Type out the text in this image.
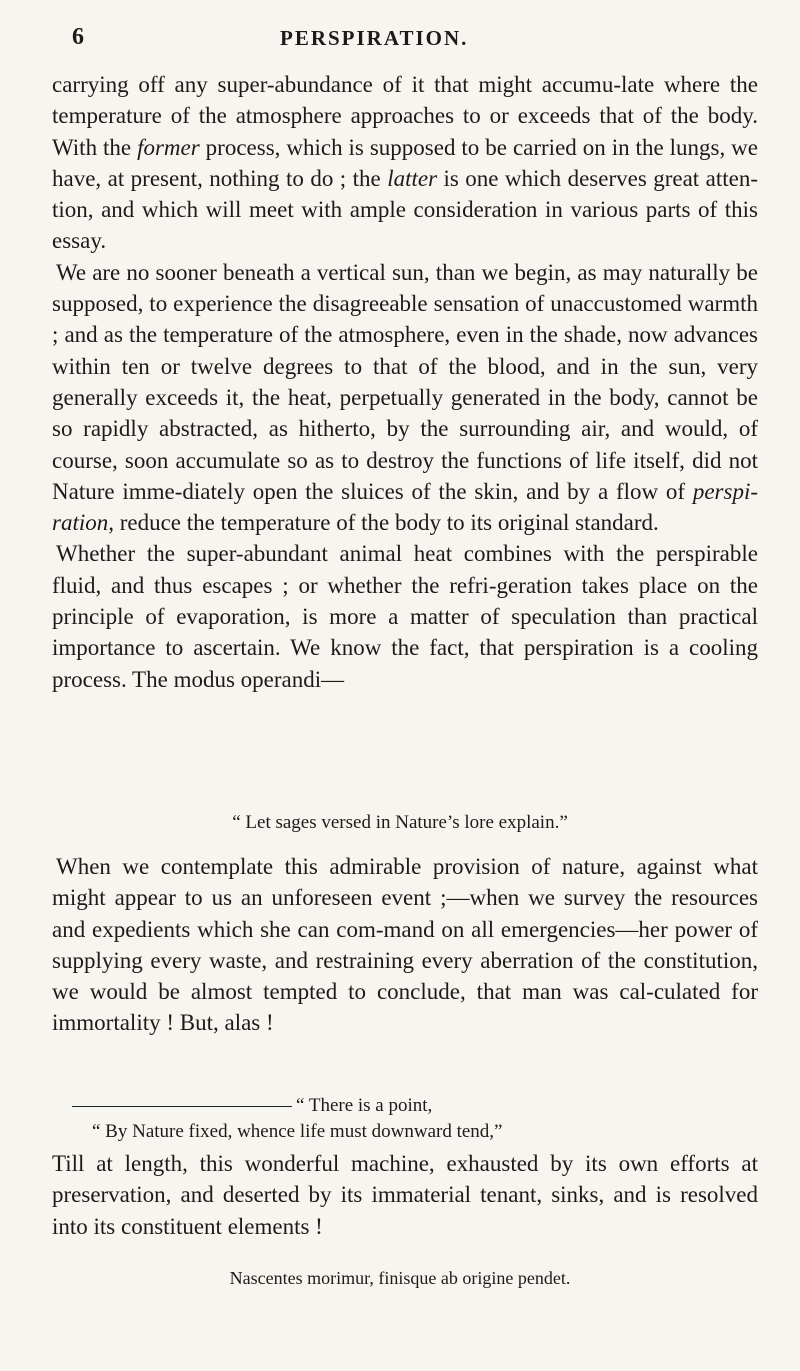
6	PERSPIRATION.

carrying off any super-abundance of it that might accumu-late where the temperature of the atmosphere approaches to or exceeds that of the body. With the former process, which is supposed to be carried on in the lungs, we have, at present, nothing to do ; the latter is one which deserves great atten-tion, and which will meet with ample consideration in various parts of this essay.

We are no sooner beneath a vertical sun, than we begin, as may naturally be supposed, to experience the disagreeable sensation of unaccustomed warmth ; and as the temperature of the atmosphere, even in the shade, now advances within ten or twelve degrees to that of the blood, and in the sun, very generally exceeds it, the heat, perpetually generated in the body, cannot be so rapidly abstracted, as hitherto, by the surrounding air, and would, of course, soon accumulate so as to destroy the functions of life itself, did not Nature imme-diately open the sluices of the skin, and by a flow of perspi-ration, reduce the temperature of the body to its original standard.

Whether the super-abundant animal heat combines with the perspirable fluid, and thus escapes ; or whether the refri-geration takes place on the principle of evaporation, is more a matter of speculation than practical importance to ascertain. We know the fact, that perspiration is a cooling process. The modus operandi—

“ Let sages versed in Nature’s lore explain.”

When we contemplate this admirable provision of nature, against what might appear to us an unforeseen event ;—when we survey the resources and expedients which she can com-mand on all emergencies—her power of supplying every waste, and restraining every aberration of the constitution, we would be almost tempted to conclude, that man was cal-culated for immortality ! But, alas !

“ There is a point,
“ By Nature fixed, whence life must downward tend,”

Till at length, this wonderful machine, exhausted by its own efforts at preservation, and deserted by its immaterial tenant, sinks, and is resolved into its constituent elements !

Nascentes morimur, finisque ab origine pendet.
